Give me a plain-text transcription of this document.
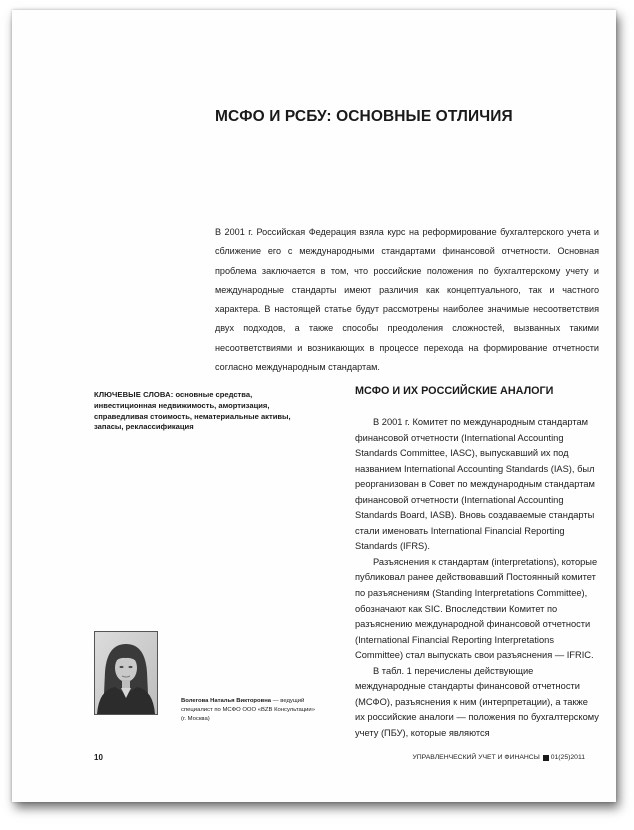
МСФО И РСБУ: ОСНОВНЫЕ ОТЛИЧИЯ

В 2001 г. Российская Федерация взяла курс на реформирование бухгалтерского учета и сближение его с международными стандартами финансовой отчетности. Основная проблема заключается в том, что российские положения по бухгалтерскому учету и международные стандарты имеют различия как концептуального, так и частного характера. В настоящей статье будут рассмотрены наиболее значимые несоответствия двух подходов, а также способы преодоления сложностей, вызванных такими несоответствиями и возникающих в процессе перехода на формирование отчетности согласно международным стандартам.

КЛЮЧЕВЫЕ СЛОВА: основные средства, инвестиционная недвижимость, амортизация, справедливая стоимость, нематериальные активы, запасы, реклассификация
МСФО И ИХ РОССИЙСКИЕ АНАЛОГИ

В 2001 г. Комитет по международным стандартам финансовой отчетности (International Accounting Standards Committee, IASC), выпускавший их под названием International Accounting Standards (IAS), был реорганизован в Совет по международным стандартам финансовой отчетности (International Accounting Standards Board, IASB). Вновь создаваемые стандарты стали именовать International Financial Reporting Standards (IFRS).

Разъяснения к стандартам (interpretations), которые публиковал ранее действовавший Постоянный комитет по разъяснениям (Standing Interpretations Committee), обозначают как SIC. Впоследствии Комитет по разъяснению международной финансовой отчетности (International Financial Reporting Interpretations Committee) стал выпускать свои разъяснения — IFRIC.

В табл. 1 перечислены действующие международные стандарты финансовой отчетности (МСФО), разъяснения к ним (интерпретации), а также их российские аналоги — положения по бухгалтерскому учету (ПБУ), которые являются

Волегова Наталья Викторовна — ведущий специалист по МСФО ООО «BZB Консультации» (г. Москва)
10	УПРАВЛЕНЧЕСКИЙ УЧЕТ И ФИНАНСЫ 01(25)2011
